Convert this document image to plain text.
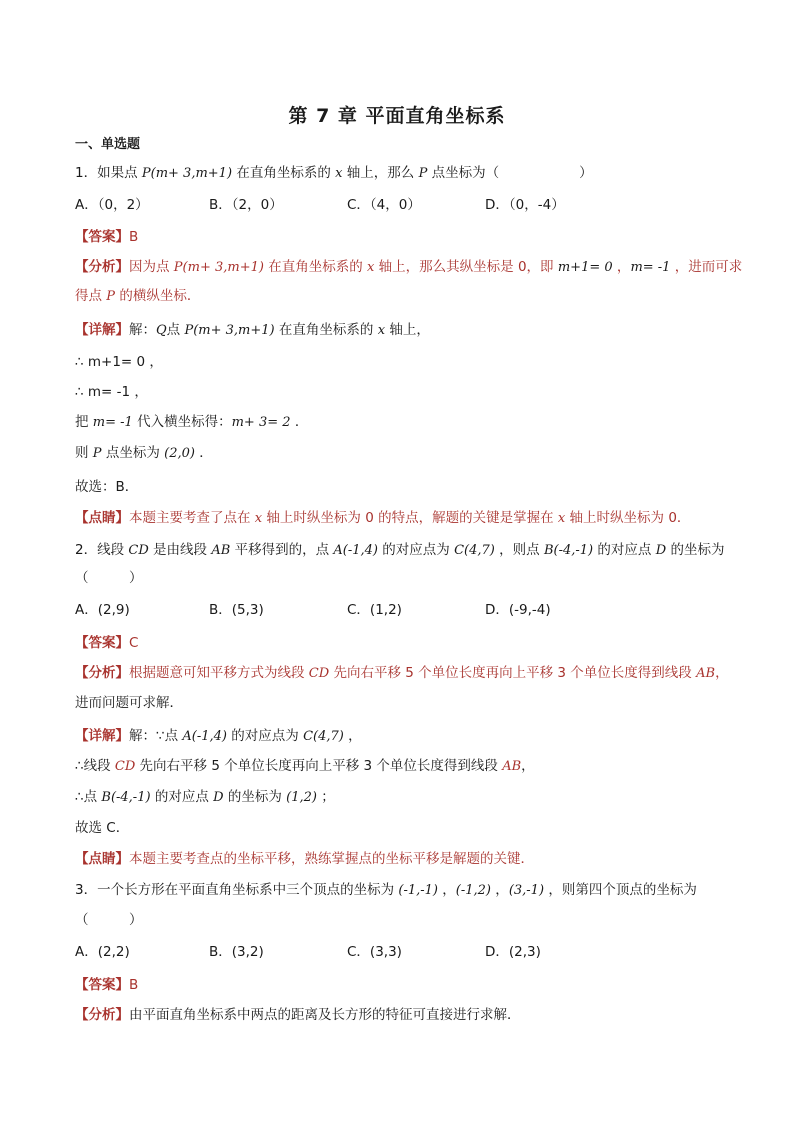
第 7 章 平面直角坐标系
一、单选题
1．如果点 P(m+ 3,m+1) 在直角坐标系的 x 轴上，那么 P 点坐标为（	）
A．（0，2）	B．（2，0）	C．（4，0）	D．（0，-4）
【答案】B
【分析】因为点 P(m+ 3,m+1) 在直角坐标系的 x 轴上，那么其纵坐标是 0，即 m+1= 0 ，m= -1 ，进而可求
得点 P 的横纵坐标．
【详解】解：Q点 P(m+ 3,m+1) 在直角坐标系的 x 轴上，
∴ m+1= 0 ，
∴ m= -1 ，
把 m= -1 代入横坐标得：m+ 3= 2 ．
则 P 点坐标为 (2,0) ．
故选：B．
【点睛】本题主要考查了点在 x 轴上时纵坐标为 0 的特点，解题的关键是掌握在 x 轴上时纵坐标为 0．
2．线段 CD 是由线段 AB 平移得到的，点 A(-1,4) 的对应点为 C(4,7) ，则点 B(-4,-1) 的对应点 D 的坐标为
（　　　）
A．(2,9)	B．(5,3)	C．(1,2)	D．(-9,-4)
【答案】C
【分析】根据题意可知平移方式为线段 CD 先向右平移 5 个单位长度再向上平移 3 个单位长度得到线段 AB，
进而问题可求解．
【详解】解：∵点 A(-1,4) 的对应点为 C(4,7) ，
∴线段 CD 先向右平移 5 个单位长度再向上平移 3 个单位长度得到线段 AB，
∴点 B(-4,-1) 的对应点 D 的坐标为 (1,2) ；
故选 C．
【点睛】本题主要考查点的坐标平移，熟练掌握点的坐标平移是解题的关键．
3．一个长方形在平面直角坐标系中三个顶点的坐标为 (-1,-1) ，(-1,2) ，(3,-1) ，则第四个顶点的坐标为
（　　　）
A．(2,2)	B．(3,2)	C．(3,3)	D．(2,3)
【答案】B
【分析】由平面直角坐标系中两点的距离及长方形的特征可直接进行求解．
